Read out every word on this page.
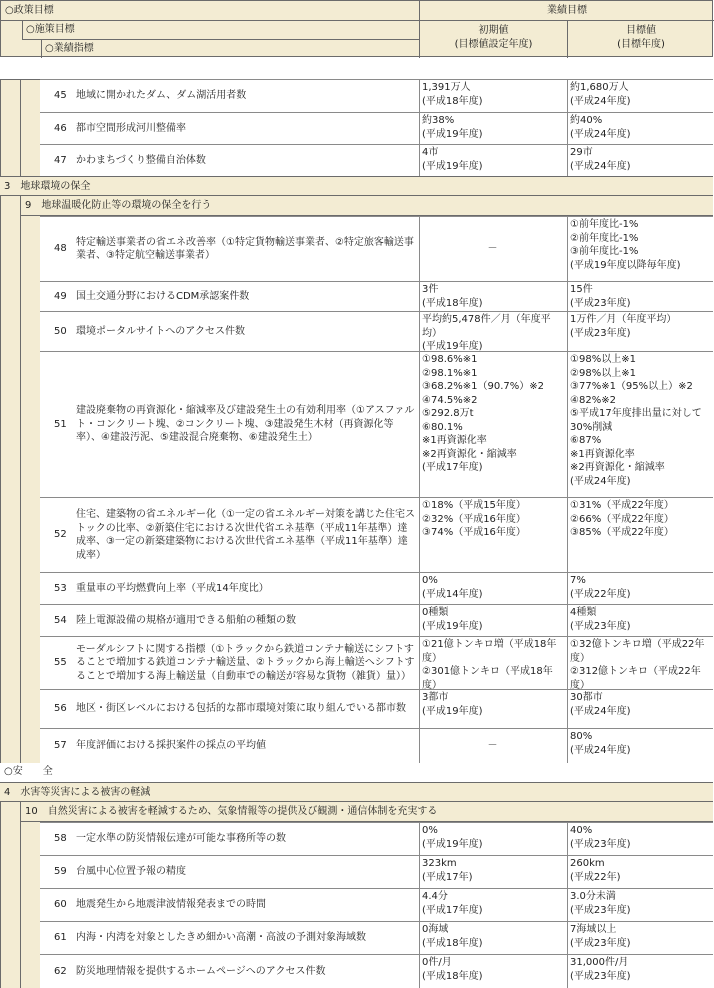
○政策目標
○施策目標
○業績指標
業績目標
初期値
(目標値設定年度)
目標値
(目標年度)
45 地域に開かれたダム、ダム湖活用者数
1,391万人
(平成18年度)
約1,680万人
(平成24年度)
46 都市空間形成河川整備率
約38%
(平成19年度)
約40%
(平成24年度)
47 かわまちづくり整備自治体数
4市
(平成19年度)
29市
(平成24年度)
3　地球環境の保全
9　地球温暖化防止等の環境の保全を行う
48
特定輸送事業者の省エネ改善率（①特定貨物輸送事業者、②特定旅客輸送事業者、③特定航空輸送事業者）
－
①前年度比-1%
②前年度比-1%
③前年度比-1%
(平成19年度以降毎年度)
49 国土交通分野におけるCDM承認案件数
3件
(平成18年度)
15件
(平成23年度)
50 環境ポータルサイトへのアクセス件数
平均約5,478件／月（年度平均）
(平成19年度)
1万件／月（年度平均）
(平成23年度)
51
建設廃棄物の再資源化・縮減率及び建設発生土の有効利用率（①アスファルト・コンクリート塊、②コンクリート塊、③建設発生木材（再資源化等率）、④建設汚泥、⑤建設混合廃棄物、⑥建設発生土）
①98.6%※1
②98.1%※1
③68.2%※1（90.7%）※2
④74.5%※2
⑤292.8万t
⑥80.1%
※1再資源化率
※2再資源化・縮減率
(平成17年度)
①98%以上※1
②98%以上※1
③77%※1（95%以上）※2
④82%※2
⑤平成17年度排出量に対して30%削減
⑥87%
※1再資源化率
※2再資源化・縮減率
(平成24年度)
52
住宅、建築物の省エネルギー化（①一定の省エネルギー対策を講じた住宅ストックの比率、②新築住宅における次世代省エネ基準（平成11年基準）達成率、③一定の新築建築物における次世代省エネ基準（平成11年基準）達成率）
①18%（平成15年度）
②32%（平成16年度）
③74%（平成16年度）
①31%（平成22年度）
②66%（平成22年度）
③85%（平成22年度）
53 重量車の平均燃費向上率（平成14年度比）
0%
(平成14年度)
7%
(平成22年度)
54 陸上電源設備の規格が適用できる船舶の種類の数
0種類
(平成19年度)
4種類
(平成23年度)
55
モーダルシフトに関する指標（①トラックから鉄道コンテナ輸送にシフトすることで増加する鉄道コンテナ輸送量、②トラックから海上輸送へシフトすることで増加する海上輸送量（自動車での輸送が容易な貨物（雑貨）量））
①21億トンキロ増（平成18年度）
②301億トンキロ（平成18年度）
①32億トンキロ増（平成22年度）
②312億トンキロ（平成22年度）
56 地区・街区レベルにおける包括的な都市環境対策に取り組んでいる都市数
3都市
(平成19年度)
30都市
(平成24年度)
57 年度評価における採択案件の採点の平均値	－
80%
(平成24年度)
○安　　全
4　水害等災害による被害の軽減
10　自然災害による被害を軽減するため、気象情報等の提供及び観測・通信体制を充実する
58 一定水準の防災情報伝達が可能な事務所等の数
0%
(平成19年度)
40%
(平成23年度)
59 台風中心位置予報の精度
323km
(平成17年)
260km
(平成22年)
60 地震発生から地震津波情報発表までの時間
4.4分
(平成17年度)
3.0分未満
(平成23年度)
61 内海・内湾を対象としたきめ細かい高潮・高波の予測対象海域数
0海域
(平成18年度)
7海域以上
(平成23年度)
62 防災地理情報を提供するホームページへのアクセス件数
0件/月
(平成18年度)
31,000件/月
(平成23年度)
